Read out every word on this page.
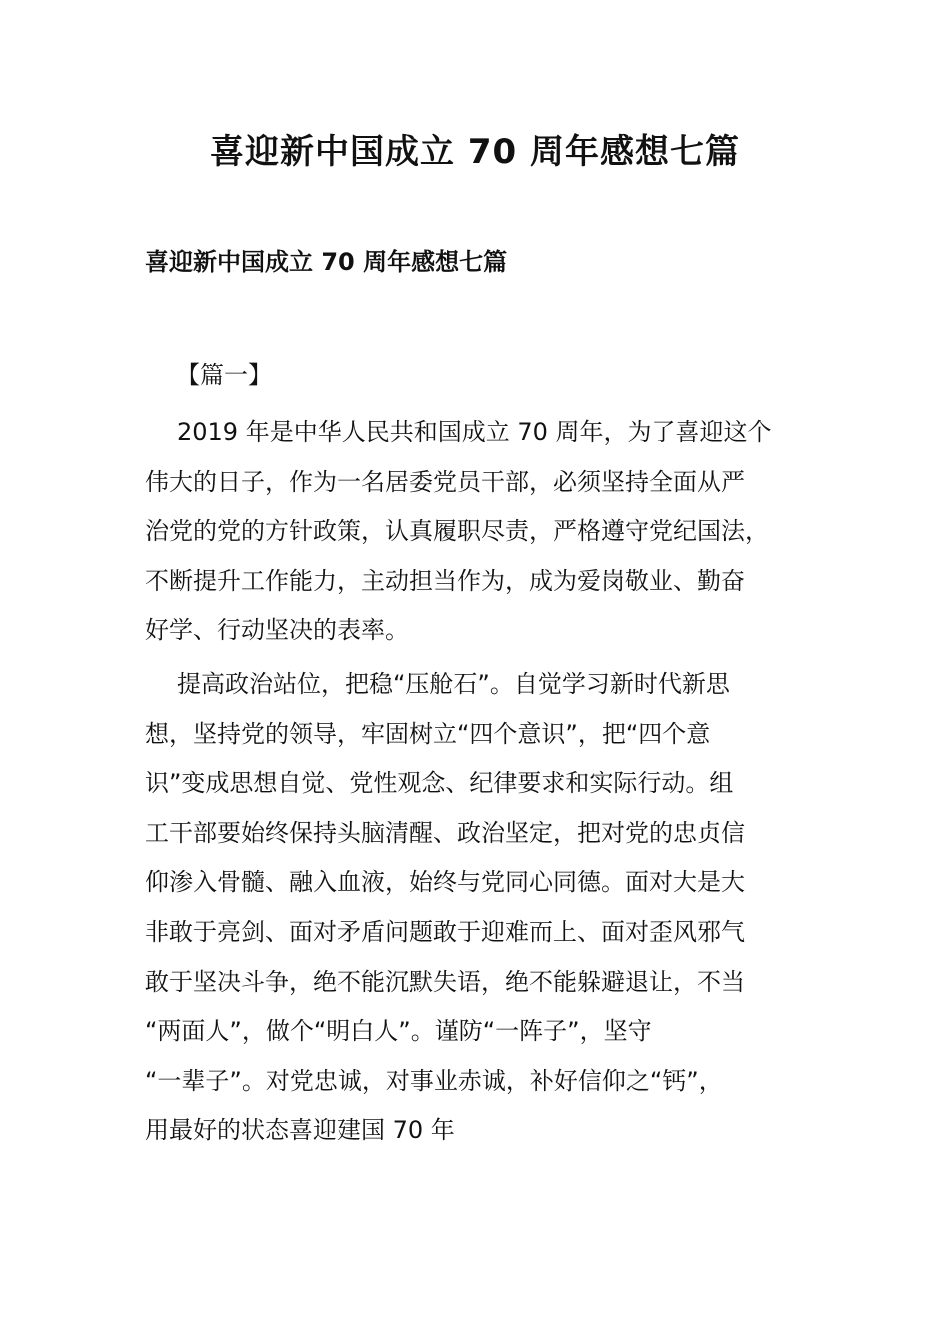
喜迎新中国成立 70 周年感想七篇
喜迎新中国成立 70 周年感想七篇
【篇一】
2019 年是中华人民共和国成立 70 周年，为了喜迎这个
伟大的日子，作为一名居委党员干部，必须坚持全面从严
治党的党的方针政策，认真履职尽责，严格遵守党纪国法，
不断提升工作能力，主动担当作为，成为爱岗敬业、勤奋
好学、行动坚决的表率。
提高政治站位，把稳“压舱石”。自觉学习新时代新思
想，坚持党的领导，牢固树立“四个意识”，把“四个意
识”变成思想自觉、党性观念、纪律要求和实际行动。组
工干部要始终保持头脑清醒、政治坚定，把对党的忠贞信
仰渗入骨髓、融入血液，始终与党同心同德。面对大是大
非敢于亮剑、面对矛盾问题敢于迎难而上、面对歪风邪气
敢于坚决斗争，绝不能沉默失语，绝不能躲避退让，不当
“两面人”，做个“明白人”。谨防“一阵子”，坚守
“一辈子”。对党忠诚，对事业赤诚，补好信仰之“钙”，
用最好的状态喜迎建国 70 年
